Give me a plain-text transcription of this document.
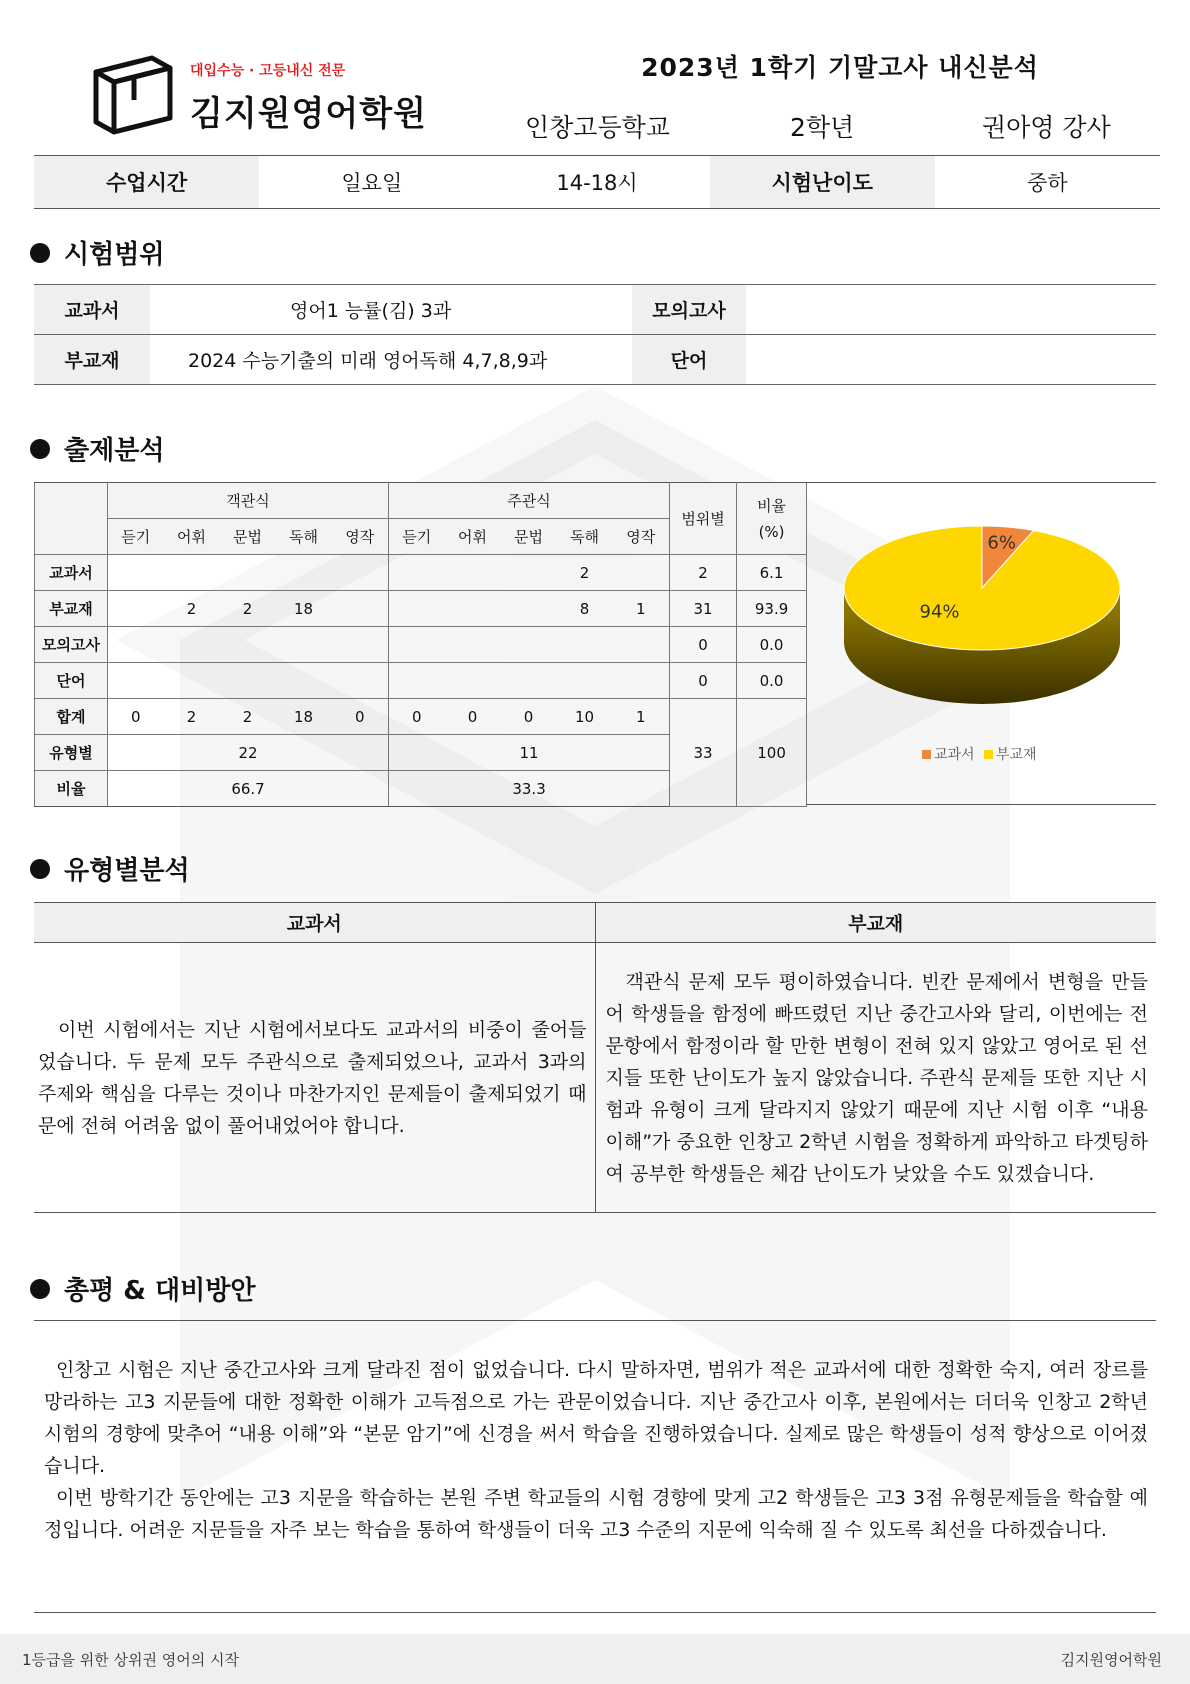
대입수능 · 고등내신 전문
김지원영어학원
2023년 1학기 기말고사 내신분석
인창고등학교	2학년	권아영 강사
수업시간	일요일	14-18시	시험난이도	중하
시험범위
교과서	영어1 능률(김) 3과	모의고사	
부교재	2024 수능기출의 미래 영어독해 4,7,8,9과	단어	
출제분석
	객관식					주관식					범위별	비율
(%)
	듣기	어휘	문법	독해	영작	듣기	어휘	문법	독해	영작		
교과서									2		2	6.1
부교재		2	2	18					8	1	31	93.9
모의고사											0	0.0
단어											0	0.0
합계	0	2	2	18	0	0	0	0	10	1	33	100
유형별	22					11						
비율	66.7					33.3						
6%
94%
교과서 부교재
유형별분석
교과서	부교재
이번 시험에서는 지난 시험에서보다도 교과서의 비중이 줄어들었습니다. 두 문제 모두 주관식으로 출제되었으나, 교과서 3과의 주제와 핵심을 다루는 것이나 마찬가지인 문제들이 출제되었기 때문에 전혀 어려움 없이 풀어내었어야 합니다.	객관식 문제 모두 평이하였습니다. 빈칸 문제에서 변형을 만들어 학생들을 함정에 빠뜨렸던 지난 중간고사와 달리, 이번에는 전 문항에서 함정이라 할 만한 변형이 전혀 있지 않았고 영어로 된 선지들 또한 난이도가 높지 않았습니다. 주관식 문제들 또한 지난 시험과 유형이 크게 달라지지 않았기 때문에 지난 시험 이후 “내용 이해”가 중요한 인창고 2학년 시험을 정확하게 파악하고 타겟팅하여 공부한 학생들은 체감 난이도가 낮았을 수도 있겠습니다.
총평 & 대비방안

인창고 시험은 지난 중간고사와 크게 달라진 점이 없었습니다. 다시 말하자면, 범위가 적은 교과서에 대한 정확한 숙지, 여러 장르를 망라하는 고3 지문들에 대한 정확한 이해가 고득점으로 가는 관문이었습니다. 지난 중간고사 이후, 본원에서는 더더욱 인창고 2학년 시험의 경향에 맞추어 “내용 이해”와 “본문 암기”에 신경을 써서 학습을 진행하였습니다. 실제로 많은 학생들이 성적 향상으로 이어졌습니다.

이번 방학기간 동안에는 고3 지문을 학습하는 본원 주변 학교들의 시험 경향에 맞게 고2 학생들은 고3 3점 유형문제들을 학습할 예정입니다. 어려운 지문들을 자주 보는 학습을 통하여 학생들이 더욱 고3 수준의 지문에 익숙해 질 수 있도록 최선을 다하겠습니다.

1등급을 위한 상위권 영어의 시작	김지원영어학원
